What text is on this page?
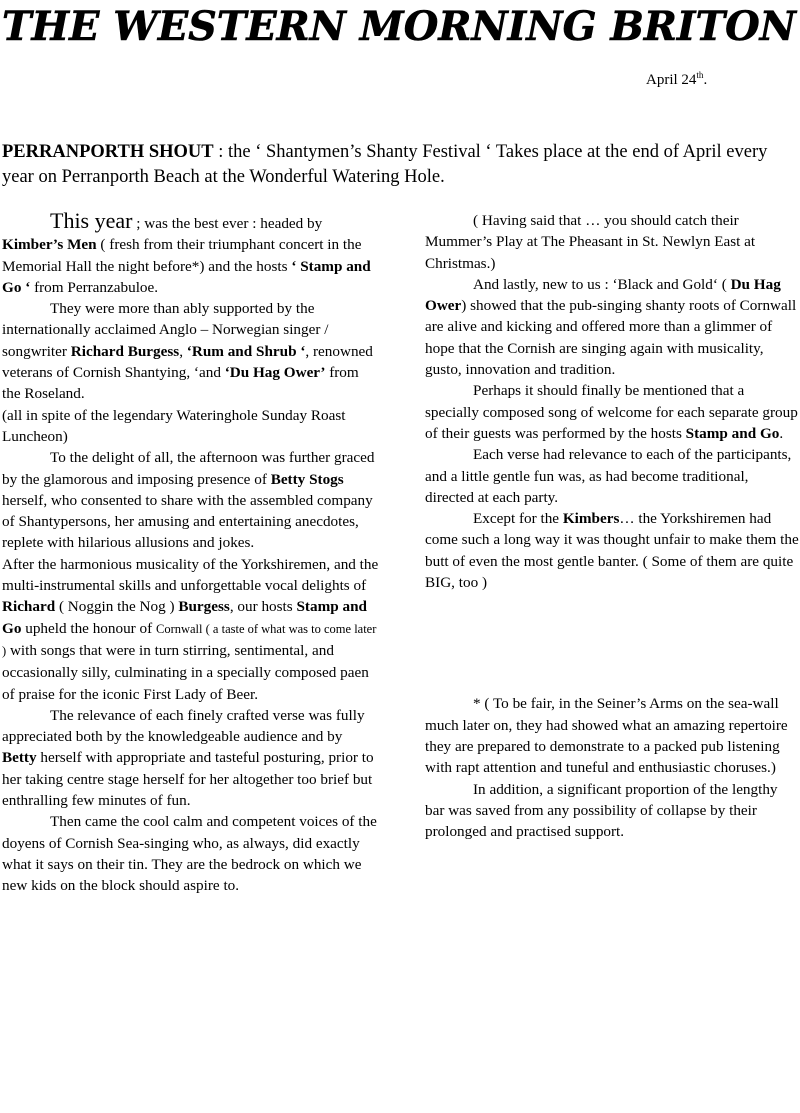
THE WESTERN MORNING BRITON
April 24th.

PERRANPORTH SHOUT : the ‘ Shantymen’s Shanty Festival ‘ Takes place at the end of April every year on Perranporth Beach at the Wonderful Watering Hole.

This year ; was the best ever : headed by Kimber’s Men ( fresh from their triumphant concert in the Memorial Hall the night before*) and the hosts ‘ Stamp and Go ‘ from Perranzabuloe.

They were more than ably supported by the internationally acclaimed Anglo – Norwegian singer / songwriter Richard Burgess, ‘Rum and Shrub ‘, renowned veterans of Cornish Shantying, ‘and ‘Du Hag Ower’ from the Roseland.

(all in spite of the legendary Wateringhole Sunday Roast Luncheon)

To the delight of all, the afternoon was further graced by the glamorous and imposing presence of Betty Stogs herself, who consented to share with the assembled company of Shantypersons, her amusing and entertaining anecdotes, replete with hilarious allusions and jokes.

After the harmonious musicality of the Yorkshiremen, and the multi-instrumental skills and unforgettable vocal delights of Richard ( Noggin the Nog ) Burgess, our hosts Stamp and Go upheld the honour of Cornwall ( a taste of what was to come later ) with songs that were in turn stirring, sentimental, and occasionally silly, culminating in a specially composed paen of praise for the iconic First Lady of Beer.

The relevance of each finely crafted verse was fully appreciated both by the knowledgeable audience and by Betty herself with appropriate and tasteful posturing, prior to her taking centre stage herself for her altogether too brief but enthralling few minutes of fun.

Then came the cool calm and competent voices of the doyens of Cornish Sea-singing who, as always, did exactly what it says on their tin. They are the bedrock on which we new kids on the block should aspire to.

( Having said that … you should catch their Mummer’s Play at The Pheasant in St. Newlyn East at Christmas.)

And lastly, new to us : ‘Black and Gold‘ ( Du Hag Ower) showed that the pub-singing shanty roots of Cornwall are alive and kicking and offered more than a glimmer of hope that the Cornish are singing again with musicality, gusto, innovation and tradition.

Perhaps it should finally be mentioned that a specially composed song of welcome for each separate group of their guests was performed by the hosts Stamp and Go.

Each verse had relevance to each of the participants, and a little gentle fun was, as had become traditional, directed at each party.

Except for the Kimbers… the Yorkshiremen had come such a long way it was thought unfair to make them the butt of even the most gentle banter. ( Some of them are quite BIG, too )

* ( To be fair, in the Seiner’s Arms on the sea-wall much later on, they had showed what an amazing repertoire they are prepared to demonstrate to a packed pub listening with rapt attention and tuneful and enthusiastic choruses.)

In addition, a significant proportion of the lengthy bar was saved from any possibility of collapse by their prolonged and practised support.
